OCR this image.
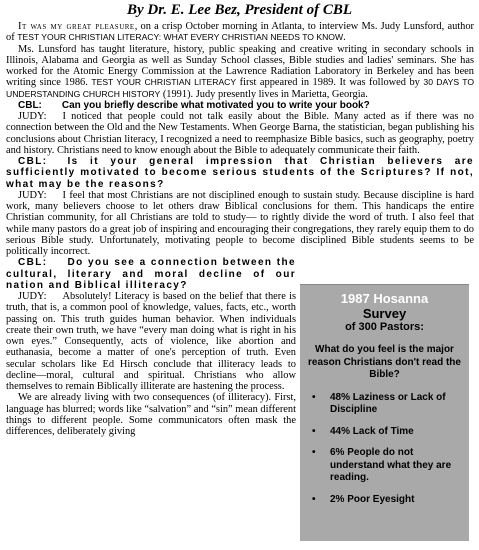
By Dr. E. Lee Bez, President of CBL

It was my great pleasure, on a crisp October morning in Atlanta, to interview Ms. Judy Lunsford, author of TEST YOUR CHRISTIAN LITERACY: WHAT EVERY CHRISTIAN NEEDS TO KNOW.

Ms. Lunsford has taught literature, history, public speaking and creative writing in secondary schools in Illinois, Alabama and Georgia as well as Sunday School classes, Bible studies and ladies' seminars. She has worked for the Atomic Energy Commission at the Lawrence Radiation Laboratory in Berkeley and has been writing since 1986. TEST YOUR CHRISTIAN LITERACY first appeared in 1989. It was followed by 30 DAYS TO UNDERSTANDING CHURCH HISTORY (1991). Judy presently lives in Marietta, Georgia.

CBL: Can you briefly describe what motivated you to write your book?

JUDY: I noticed that people could not talk easily about the Bible. Many acted as if there was no connection between the Old and the New Testaments. When George Barna, the statistician, began publishing his conclusions about Christian literacy, I recognized a need to reemphasize Bible basics, such as geography, poetry and history. Christians need to know enough about the Bible to adequately communicate their faith.

CBL: Is it your general impression that Christian believers are sufficiently motivated to become serious students of the Scriptures? If not, what may be the reasons?

JUDY: I feel that most Christians are not disciplined enough to sustain study. Because discipline is hard work, many believers choose to let others draw Biblical conclusions for them. This handicaps the entire Christian community, for all Christians are told to study— to rightly divide the word of truth. I also feel that while many pastors do a great job of inspiring and encouraging their congregations, they rarely equip them to do serious Bible study. Unfortunately, motivating people to become disciplined Bible students seems to be politically incorrect.

CBL: Do you see a connection between the cultural, literary and moral decline of our nation and Biblical illiteracy?

JUDY: Absolutely! Literacy is based on the belief that there is truth, that is, a common pool of knowledge, values, facts, etc., worth passing on. This truth guides human behavior. When individuals create their own truth, we have “every man doing what is right in his own eyes.” Consequently, acts of violence, like abortion and euthanasia, become a matter of one's perception of truth. Even secular scholars like Ed Hirsch conclude that illiteracy leads to decline—moral, cultural and spiritual. Christians who allow themselves to remain Biblically illiterate are hastening the process.

We are already living with two consequences (of illiteracy). First, language has blurred; words like “salvation” and “sin” mean different things to different people. Some communicators often mask the differences, deliberately giving

1987 Hosanna
Survey
of 300 Pastors:
What do you feel is the major reason Christians don't read the Bible?
• 48% Laziness or Lack of Discipline
• 44% Lack of Time
• 6% People do not understand what they are reading.
• 2% Poor Eyesight
